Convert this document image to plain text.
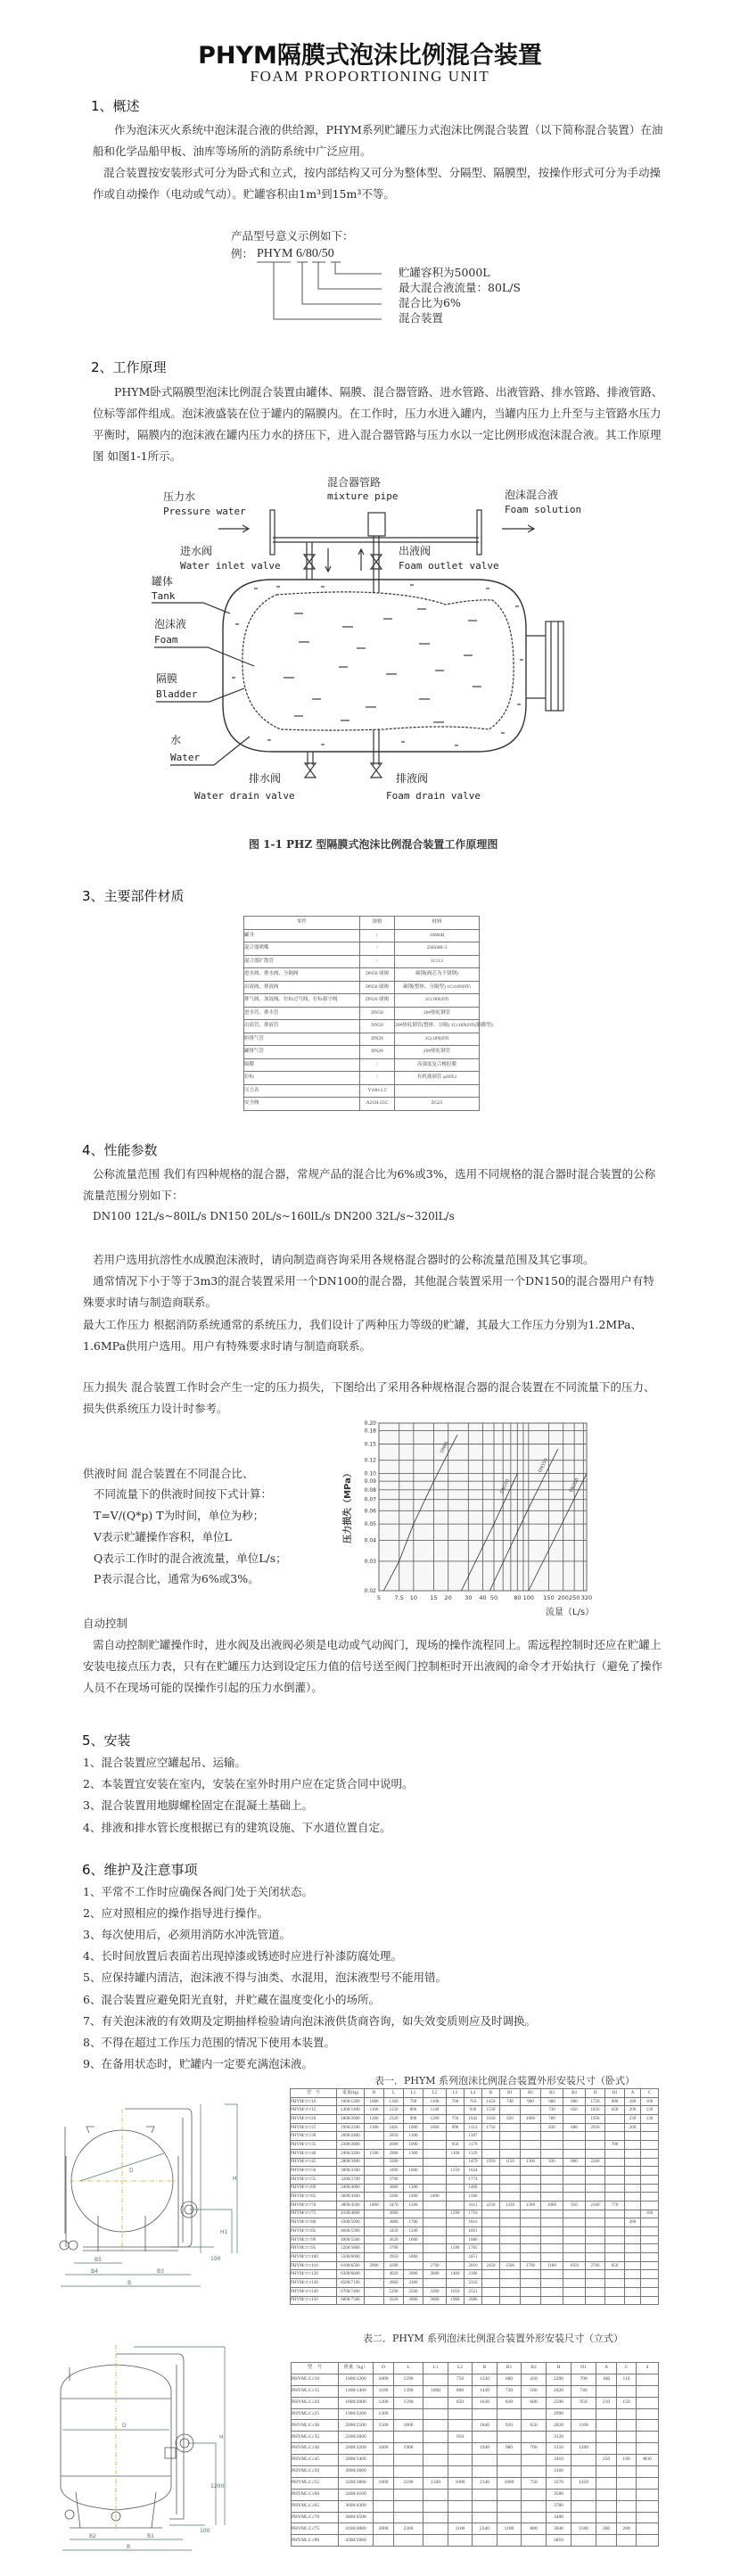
PHYM隔膜式泡沫比例混合装置
FOAM PROPORTIONING UNIT
1、概述
作为泡沫灭火系统中泡沫混合液的供给源，PHYM系列贮罐压力式泡沫比例混合装置（以下简称混合装置）在油船和化学品船甲板、油库等场所的消防系统中广泛应用。
混合装置按安装形式可分为卧式和立式，按内部结构又可分为整体型、分隔型、隔膜型，按操作形式可分为手动操作或自动操作（电动或气动）。贮罐容积由1m³到15m³不等。
产品型号意义示例如下：
例： PHYM 6/80/50
贮罐容积为5000L
最大混合液流量：80L/S
混合比为6%
混合装置
2、工作原理
PHYM卧式隔膜型泡沫比例混合装置由罐体、隔膜、混合器管路、进水管路、出液管路、排水管路、排液管路、位标等部件组成。泡沫液盛装在位于罐内的隔膜内。在工作时，压力水进入罐内，当罐内压力上升至与主管路水压力平衡时，隔膜内的泡沫液在罐内压力水的挤压下，进入混合器管路与压力水以一定比例形成泡沫混合液。其工作原理图 如图1-1所示。
压力水
Pressure water
混合器管路
mixture pipe	泡沫混合液
Foam solution
进水阀
Water inlet valve
出液阀
Foam outlet valve
罐体
Tank
泡沫液
Foam
隔膜
Bladder
水
Water
排水阀
Water drain valve
排液阀
Foam drain valve
图 1-1 PHZ 型隔膜式泡沫比例混合装置工作原理图
3、主要部件材质
零件	规格	材料
罐身	/	16MnR
混合器喷嘴	/	ZHSi80-3
混合器扩散管	/	1Cr13
进水阀、排水阀、分隔阀	DN50 球阀	碳钢(阀芯为不锈钢)
出液阀、排液阀	DN50 球阀	碳钢(整体、分隔型) 1Cr18Ni9Ti
排气阀、加液阀、位标过号阀、位标拔守阀	DN20 球阀	1Cr18Ni9Ti
进水管、排水管	DN50	20#热轧钢管
出液管、排液管	DN50	20#热轧钢管(整体、分隔) 1Cr18Ni9Ti(隔膜型)
胆排气管	DN20	1Cr18Ni9Ti
罐排气管	DN20	20#热轧钢管
隔膜	/	高强度复合橡胶膜
位标	/	有机玻璃管 φ20X3
压力表	Y100-2.5	
安全阀	A21H-25C	ZG25
4、性能参数
公称流量范围 我们有四种规格的混合器，常规产品的混合比为6%或3%，选用不同规格的混合器时混合装置的公称流量范围分别如下：
DN100 12L/s~80lL/s DN150 20L/s~160lL/s DN200 32L/s~320lL/s
若用户选用抗溶性水成膜泡沫液时，请向制造商咨询采用各规格混合器时的公称流量范围及其它事项。
通常情况下小于等于3m3的混合装置采用一个DN100的混合器，其他混合装置采用一个DN150的混合器用户有特殊要求时请与制造商联系。
最大工作压力 根据消防系统通常的系统压力，我们设计了两种压力等级的贮罐，其最大工作压力分别为1.2MPa、1.6MPa供用户选用。用户有特殊要求时请与制造商联系。
压力损失 混合装置工作时会产生一定的压力损失，下图给出了采用各种规格混合器的混合装置在不同流量下的压力、损失供系统压力设计时参考。
供液时间 混合装置在不同混合比、
不同流量下的供液时间按下式计算：
T=V/(Q*p) T为时间，单位为秒；
V表示贮罐操作容积，单位L
Q表示工作时的混合液流量，单位L/s；
P表示混合比，通常为6%或3%。
5 7.5 10 15 20 30 40 50	80 100 150 200 250 320
0.02
0.03
0.04
0.05
0.06
0.07
0.08
0.09
0.10
0.12
0.15
0.18
0.20
DN65
DN100
DN150
DN200
压力损失（MPa）
流量（L/s）
自动控制
需自动控制贮罐操作时，进水阀及出液阀必须是电动或气动阀门，现场的操作流程同上。需远程控制时还应在贮罐上安装电接点压力表，只有在贮罐压力达到设定压力值的信号送至阀门控制柜时开出液阀的命令才开始执行（避免了操作人员不在现场可能的误操作引起的压力水倒灌）。
5、安装
1、混合装置应空罐起吊、运输。
2、本装置宜安装在室内，安装在室外时用户应在定货合同中说明。
3、混合装置用地脚螺栓固定在混凝土基础上。
4、排液和排水管长度根据已有的建筑设施、下水道位置自定。
6、维护及注意事项
1、平常不工作时应确保各阀门处于关闭状态。
2、应对照相应的操作指导进行操作。
3、每次使用后，必须用消防水冲洗管道。
4、长时间放置后表面若出现掉漆或锈迹时应进行补漆防腐处理。
5、应保持罐内清洁，泡沫液不得与油类、水混用，泡沫液型号不能用错。
6、混合装置应避免阳光直射，并贮藏在温度变化小的场所。
7、有关泡沫液的有效期及定期抽样检验请向泡沫液供货商咨询，如失效变质则应及时调换。
8、不得在超过工作压力范围的情况下使用本装置。
9、在备用状态时，贮罐内一定要充满泡沫液。
D
B
B3
B4
B5
H
H1
100
D
B
B1
B2
H
1200
100
表一．PHYM 系列泡沫比例混合装置外形安装尺寸（卧式）
型　号	重量(kg)	D	L	L1	L2	L3	L4	B	B1	B2	B3	B4	H	H1	A	C
PHYM□/□/10	1000/1200	1000	1360	700	1100	700	763	1450	740	900	680	600	1750	600	180	100
PHYM□/□/15	1400/1400	1100	2150	800	1140		930	1550			730	650	1850	650	200	120
PHYM□/□/20	1800/2000	1200	2320	900	1200	750	1042	1650	820	1000	780		1950		230	130
PHYM□/□/25	1900/2200	1300	2465	1000	1600	900	1112	1750			830	680	2050		260	
PHYM□/□/30	2000/2400		2850	1300			1307									
PHYM□/□/35	2200/2800		2600	1000		950	1179							700		
PHYM□/□/40	2400/3200	1500	2900	1300		1100	1329									
PHYM□/□/45	2800/3400		3200				1479	1950	1150	1300	930	800	2260			
PHYM□/□/50	3000/3300		3490	1600		1250	1624									
PHYM□/□/55	3200/3700		3790				1774									
PHYM□/□/60	3400/4000		3060	1300			1406									
PHYM□/□/65	3600/4300		3260	1400	2400		1506									
PHYM□/□/70	3800/4500	1800	3470	1500			1611	2250	1320	1500	1080	950	2360	770		
PHYM□/□/75	4100/4800		3680			1200	1716									160
PHYM□/□/80	4300/5000		3880	1700			1816								280	
PHYM□/□/85	4600/5300		3450	1500			1601									
PHYM□/□/90	4900/5500		3620	1600			1686									
PHYM□/□/95	5200/5800		3790			1500	1765									
PHYM□/□/100	5500/6000		3950	1800			1851									
PHYM□/□/110	6100/6500	2000	4280		2700		2016	2450	1500	1700	1180	1050	2760	850		
PHYM□/□/120	6300/6800		4620	2000	3000	1400	2186									
PHYM□/□/130	6500/7100		4960	2300			2356									
PHYM□/□/140	6700/7400		5290	2500	3200	1650	2521									
PHYM□/□/150	6800/7500		5620	3000	3600	1900	2686									
表二．PHYM 系列泡沫比例混合装置外形安装尺寸（立式）
型　号	重量（kg）	D	L	L1	L2	B	B1	B2	H	D1	A	C	d
PHYM□/□/10	1000/1200	1000	1290		750	1330	680	450	2290	700	160	110	
PHYM□/□/15	1400/1400	1100	1390	1000	800	1430	730	500	2620	740			
PHYM□/□/20	1800/2000	1200	1590		850	1630	830	600	2590	950	210	150	
PHYM□/□/25	1900/2200	1300							2990				
PHYM□/□/30	2000/2500	1500	1800			1840	930	650	2820	1100			
PHYM□/□/35	2200/2800				950				3120				
PHYM□/□/40	2400/3200	1600	1900			1940	980	700	3150	1200			
PHYM□/□/45	2800/3400								3410		250	180	Φ30
PHYM□/□/50	3000/3600								3160				
PHYM□/□/55	3200/3800	1800	2100	1500	1000	2140	1080	750	3370	1350			
PHYM□/□/60	3400/4100								3580				
PHYM□/□/65	3600/4300								3780				
PHYM□/□/70	3800/4500								3480				
PHYM□/□/75	4100/4800	2000	2300		1100	2340	1180	800	3640	1500	260	200	
PHYM□/□/80	4300/5000								3810				
